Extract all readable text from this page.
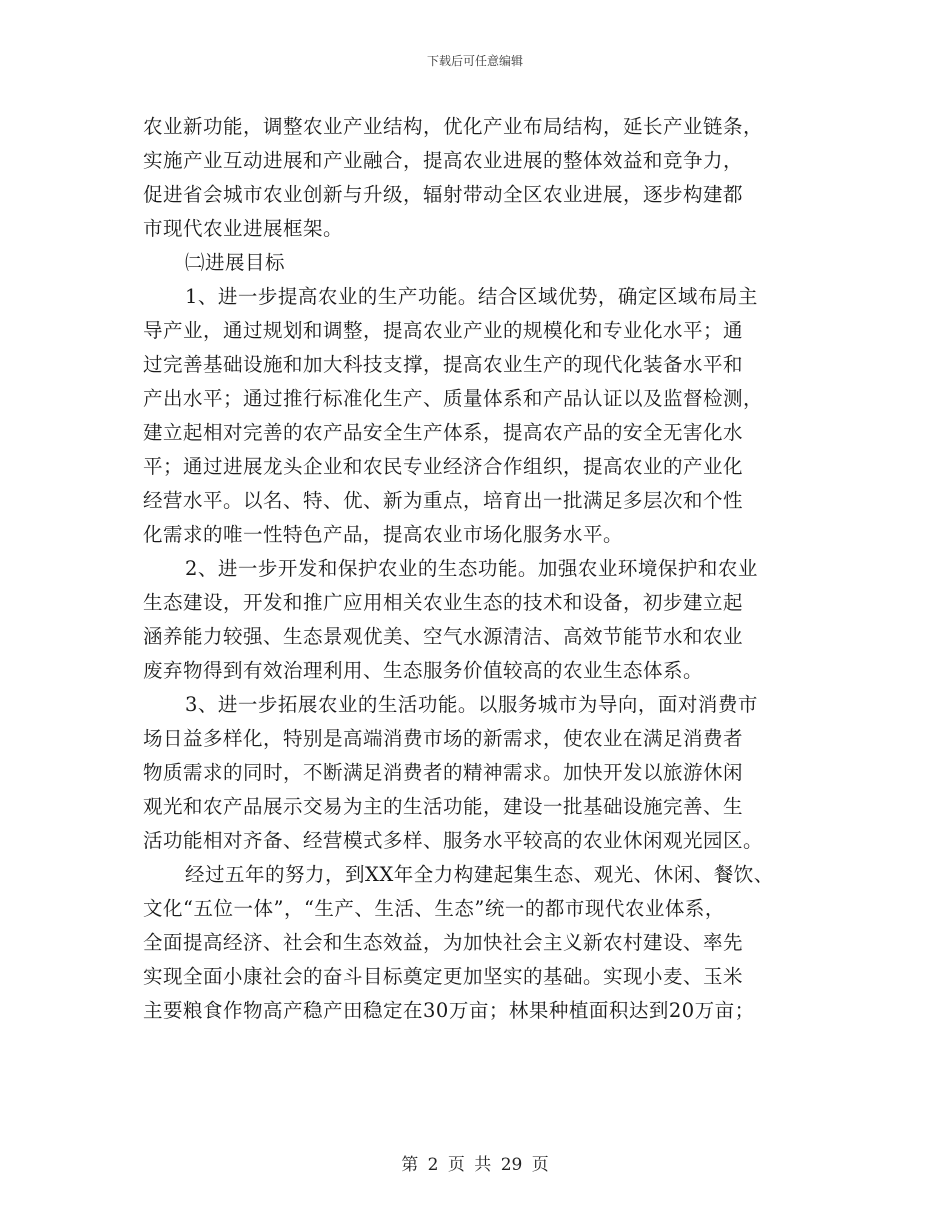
下载后可任意编辑
农业新功能，调整农业产业结构，优化产业布局结构，延长产业链条，
实施产业互动进展和产业融合，提高农业进展的整体效益和竞争力，
促进省会城市农业创新与升级，辐射带动全区农业进展，逐步构建都
市现代农业进展框架。
㈡进展目标
1、进一步提高农业的生产功能。结合区域优势，确定区域布局主
导产业，通过规划和调整，提高农业产业的规模化和专业化水平；通
过完善基础设施和加大科技支撑，提高农业生产的现代化装备水平和
产出水平；通过推行标准化生产、质量体系和产品认证以及监督检测，
建立起相对完善的农产品安全生产体系，提高农产品的安全无害化水
平；通过进展龙头企业和农民专业经济合作组织，提高农业的产业化
经营水平。以名、特、优、新为重点，培育出一批满足多层次和个性
化需求的唯一性特色产品，提高农业市场化服务水平。
2、进一步开发和保护农业的生态功能。加强农业环境保护和农业
生态建设，开发和推广应用相关农业生态的技术和设备，初步建立起
涵养能力较强、生态景观优美、空气水源清洁、高效节能节水和农业
废弃物得到有效治理利用、生态服务价值较高的农业生态体系。
3、进一步拓展农业的生活功能。以服务城市为导向，面对消费市
场日益多样化，特别是高端消费市场的新需求，使农业在满足消费者
物质需求的同时，不断满足消费者的精神需求。加快开发以旅游休闲
观光和农产品展示交易为主的生活功能，建设一批基础设施完善、生
活功能相对齐备、经营模式多样、服务水平较高的农业休闲观光园区。
经过五年的努力，到XX年全力构建起集生态、观光、休闲、餐饮、
文化“五位一体”，“生产、生活、生态”统一的都市现代农业体系，
全面提高经济、社会和生态效益，为加快社会主义新农村建设、率先
实现全面小康社会的奋斗目标奠定更加坚实的基础。实现小麦、玉米
主要粮食作物高产稳产田稳定在30万亩；林果种植面积达到20万亩；
第 2 页 共 29 页
